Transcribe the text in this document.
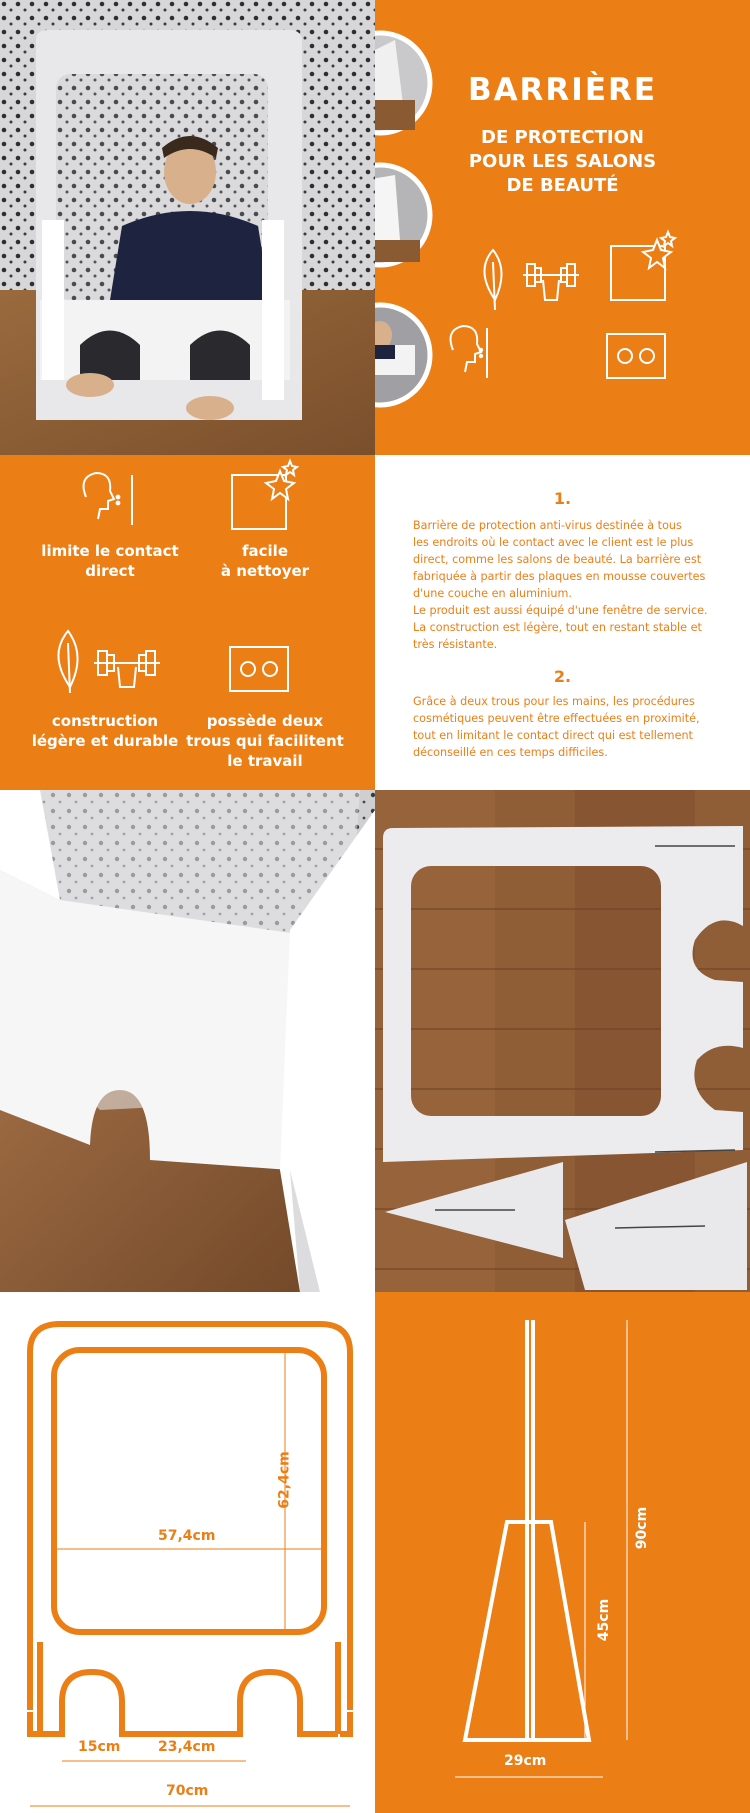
BARRIÈRE
DE PROTECTION
POUR LES SALONS
DE BEAUTÉ
limite le contact
direct
facile
à nettoyer
construction
légère et durable
possède deux
trous qui facilitent
le travail
1.
Barrière de protection anti-virus destinée à tous
les endroits où le contact avec le client est le plus
direct, comme les salons de beauté. La barrière est
fabriquée à partir des plaques en mousse couvertes
d'une couche en aluminium.
Le produit est aussi équipé d'une fenêtre de service.
La construction est légère, tout en restant stable et
très résistante.
2.
Grâce à deux trous pour les mains, les procédures
cosmétiques peuvent être effectuées en proximité,
tout en limitant le contact direct qui est tellement
déconseillé en ces temps difficiles.
57,4cm
62,4cm
15cm	23,4cm
70cm
90cm
45cm
29cm
